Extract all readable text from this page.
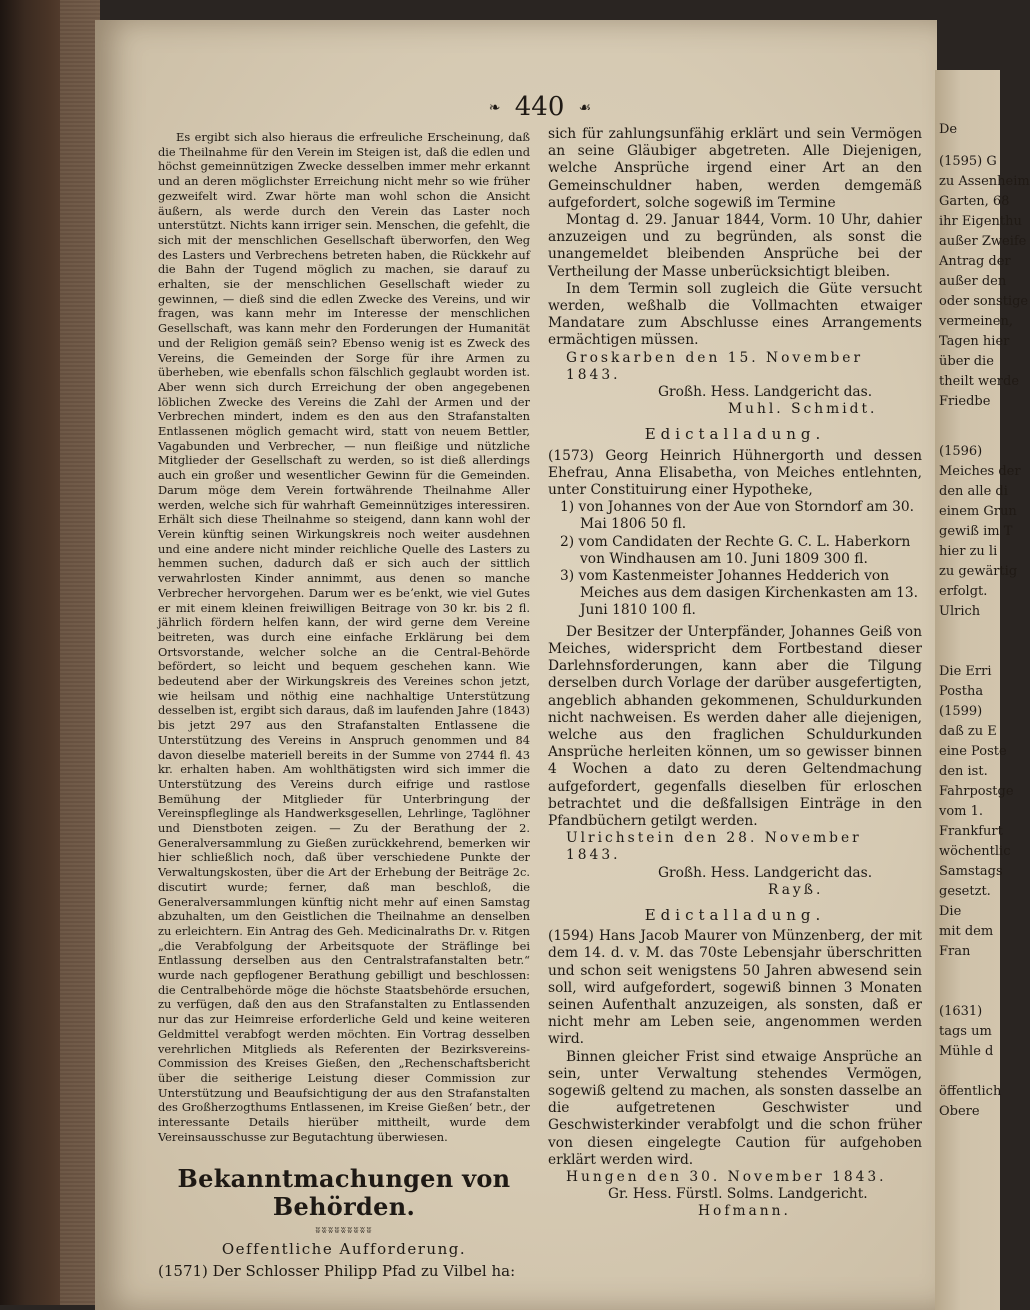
De
(1595) G
zu Assenheim
Garten, 68
ihr Eigenthu
außer Zweife
Antrag der
außer den
oder sonstige
vermeinen,
Tagen hier
über die
theilt werde
Friedbe
(1596)
Meiches der
den alle di
einem Grun
gewiß im T
hier zu li
zu gewärtig
erfolgt.
Ulrich
Die Erri
Postha
(1599)
daß zu E
eine Poste
den ist.
Fahrpostge
vom 1.
Frankfurt
wöchentlic
Samstags
gesetzt.
Die
mit dem
Fran
(1631)
tags um
Mühle d
öffentlich
Obere
❧ 440 ☙

Es ergibt sich also hieraus die erfreuliche Erscheinung, daß die Theilnahme für den Verein im Steigen ist, daß die edlen und höchst gemeinnützigen Zwecke desselben immer mehr erkannt und an deren möglichster Erreichung nicht mehr so wie früher gezweifelt wird. Zwar hörte man wohl schon die Ansicht äußern, als werde durch den Verein das Laster noch unterstützt. Nichts kann irriger sein. Menschen, die gefehlt, die sich mit der menschlichen Gesellschaft überworfen, den Weg des Lasters und Verbrechens betreten haben, die Rückkehr auf die Bahn der Tugend möglich zu machen, sie darauf zu erhalten, sie der menschlichen Gesellschaft wieder zu gewinnen, — dieß sind die edlen Zwecke des Vereins, und wir fragen, was kann mehr im Interesse der menschlichen Gesellschaft, was kann mehr den Forderungen der Humanität und der Religion gemäß sein? Ebenso wenig ist es Zweck des Vereins, die Gemeinden der Sorge für ihre Armen zu überheben, wie ebenfalls schon fälschlich geglaubt worden ist. Aber wenn sich durch Erreichung der oben angegebenen löblichen Zwecke des Vereins die Zahl der Armen und der Verbrechen mindert, indem es den aus den Strafanstalten Entlassenen möglich gemacht wird, statt von neuem Bettler, Vagabunden und Verbrecher, — nun fleißige und nützliche Mitglieder der Gesellschaft zu werden, so ist dieß allerdings auch ein großer und wesentlicher Gewinn für die Gemeinden. Darum möge dem Verein fortwährende Theilnahme Aller werden, welche sich für wahrhaft Gemeinnütziges interessiren. Erhält sich diese Theilnahme so steigend, dann kann wohl der Verein künftig seinen Wirkungskreis noch weiter ausdehnen und eine andere nicht minder reichliche Quelle des Lasters zu hemmen suchen, dadurch daß er sich auch der sittlich verwahrlosten Kinder annimmt, aus denen so manche Verbrecher hervorgehen. Darum wer es beʼenkt, wie viel Gutes er mit einem kleinen freiwilligen Beitrage von 30 kr. bis 2 fl. jährlich fördern helfen kann, der wird gerne dem Vereine beitreten, was durch eine einfache Erklärung bei dem Ortsvorstande, welcher solche an die Central-Behörde befördert, so leicht und bequem geschehen kann. Wie bedeutend aber der Wirkungskreis des Vereines schon jetzt, wie heilsam und nöthig eine nachhaltige Unterstützung desselben ist, ergibt sich daraus, daß im laufenden Jahre (1843) bis jetzt 297 aus den Strafanstalten Entlassene die Unterstützung des Vereins in Anspruch genommen und 84 davon dieselbe materiell bereits in der Summe von 2744 fl. 43 kr. erhalten haben. Am wohlthätigsten wird sich immer die Unterstützung des Vereins durch eifrige und rastlose Bemühung der Mitglieder für Unterbringung der Vereinspfleglinge als Handwerksgesellen, Lehrlinge, Taglöhner und Dienstboten zeigen. — Zu der Berathung der 2. Generalversammlung zu Gießen zurückkehrend, bemerken wir hier schließlich noch, daß über verschiedene Punkte der Verwaltungskosten, über die Art der Erhebung der Beiträge 2c. discutirt wurde; ferner, daß man beschloß, die Generalversammlungen künftig nicht mehr auf einen Samstag abzuhalten, um den Geistlichen die Theilnahme an denselben zu erleichtern. Ein Antrag des Geh. Medicinalraths Dr. v. Ritgen „die Verabfolgung der Arbeitsquote der Sträflinge bei Entlassung derselben aus den Centralstrafanstalten betr.“ wurde nach gepflogener Berathung gebilligt und beschlossen: die Centralbehörde möge die höchste Staatsbehörde ersuchen, zu verfügen, daß den aus den Strafanstalten zu Entlassenden nur das zur Heimreise erforderliche Geld und keine weiteren Geldmittel verabfogt werden möchten. Ein Vortrag desselben verehrlichen Mitglieds als Referenten der Bezirksvereins-Commission des Kreises Gießen, den „Rechenschaftsbericht über die seitherige Leistung dieser Commission zur Unterstützung und Beaufsichtigung der aus den Strafanstalten des Großherzogthums Entlassenen, im Kreise Gießen‘ betr., der interessante Details hierüber mittheilt, wurde dem Vereinsausschusse zur Begutachtung überwiesen.

Bekanntmachungen von Behörden.
ʬʬʬʬʬʬʬʬʬ
Oeffentliche Aufforderung.
(1571) Der Schlosser Philipp Pfad zu Vilbel ha:

sich für zahlungsunfähig erklärt und sein Vermögen an seine Gläubiger abgetreten. Alle Diejenigen, welche Ansprüche irgend einer Art an den Gemeinschuldner haben, werden demgemäß aufgefordert, solche sogewiß im Termine

Montag d. 29. Januar 1844, Vorm. 10 Uhr, dahier anzuzeigen und zu begründen, als sonst die unangemeldet bleibenden Ansprüche bei der Vertheilung der Masse unberücksichtigt bleiben.

In dem Termin soll zugleich die Güte versucht werden, weßhalb die Vollmachten etwaiger Mandatare zum Abschlusse eines Arrangements ermächtigen müssen.

Groskarben den 15. November 1843.
Großh. Hess. Landgericht das.
Muhl. Schmidt.
Edictalladung.

(1573) Georg Heinrich Hühnergorth und dessen Ehefrau, Anna Elisabetha, von Meiches entlehnten, unter Constituirung einer Hypotheke,

1) von Johannes von der Aue von Storndorf am 30. Mai 1806 50 fl.
2) vom Candidaten der Rechte G. C. L. Haberkorn von Windhausen am 10. Juni 1809 300 fl.
3) vom Kastenmeister Johannes Hedderich von Meiches aus dem dasigen Kirchenkasten am 13. Juni 1810 100 fl.

Der Besitzer der Unterpfänder, Johannes Geiß von Meiches, widerspricht dem Fortbestand dieser Darlehnsforderungen, kann aber die Tilgung derselben durch Vorlage der darüber ausgefertigten, angeblich abhanden gekommenen, Schuldurkunden nicht nachweisen. Es werden daher alle diejenigen, welche aus den fraglichen Schuldurkunden Ansprüche herleiten können, um so gewisser binnen 4 Wochen a dato zu deren Geltendmachung aufgefordert, gegenfalls dieselben für erloschen betrachtet und die deßfallsigen Einträge in den Pfandbüchern getilgt werden.

Ulrichstein den 28. November 1843.
Großh. Hess. Landgericht das.
Rayß.
Edictalladung.

(1594) Hans Jacob Maurer von Münzenberg, der mit dem 14. d. v. M. das 70ste Lebensjahr überschritten und schon seit wenigstens 50 Jahren abwesend sein soll, wird aufgefordert, sogewiß binnen 3 Monaten seinen Aufenthalt anzuzeigen, als sonsten, daß er nicht mehr am Leben seie, angenommen werden wird.

Binnen gleicher Frist sind etwaige Ansprüche an sein, unter Verwaltung stehendes Vermögen, sogewiß geltend zu machen, als sonsten dasselbe an die aufgetretenen Geschwister und Geschwisterkinder verabfolgt und die schon früher von diesen eingelegte Caution für aufgehoben erklärt werden wird.

Hungen den 30. November 1843.
Gr. Hess. Fürstl. Solms. Landgericht.
Hofmann.
